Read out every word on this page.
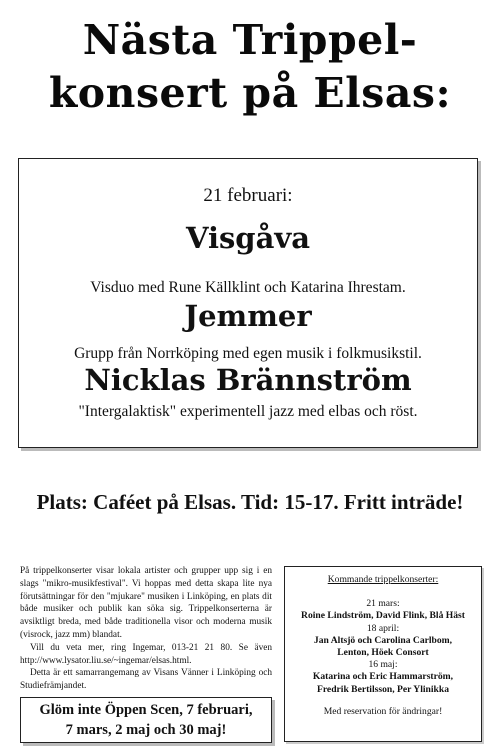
Nästa Trippel-
konsert på Elsas:
21 februari:
Visgåva
Visduo med Rune Källklint och Katarina Ihrestam.
Jemmer
Grupp från Norrköping med egen musik i folkmusikstil.
Nicklas Brännström
"Intergalaktisk" experimentell jazz med elbas och röst.
Plats: Caféet på Elsas. Tid: 15-17. Fritt inträde!

På trippelkonserter visar lokala artister och grupper upp sig i en slags "mikro-musikfestival". Vi hoppas med detta skapa lite nya förutsättningar för den "mjukare" musiken i Linköping, en plats dit både musiker och publik kan söka sig. Trippelkonserterna är avsiktligt breda, med både traditionella visor och moderna musik (visrock, jazz mm) blandat.

Vill du veta mer, ring Ingemar, 013-21 21 80. Se även http://www.lysator.liu.se/~ingemar/elsas.html.

Detta är ett samarrangemang av Visans Vänner i Linköping och Studiefrämjandet.

Glöm inte Öppen Scen, 7 februari,
7 mars, 2 maj och 30 maj!
Kommande trippelkonserter:
21 mars:
Roine Lindström, David Flink, Blå Häst
18 april:
Jan Altsjö och Carolina Carlbom,
Lenton, Höek Consort
16 maj:
Katarina och Eric Hammarström,
Fredrik Bertilsson, Per Ylinikka
Med reservation för ändringar!
